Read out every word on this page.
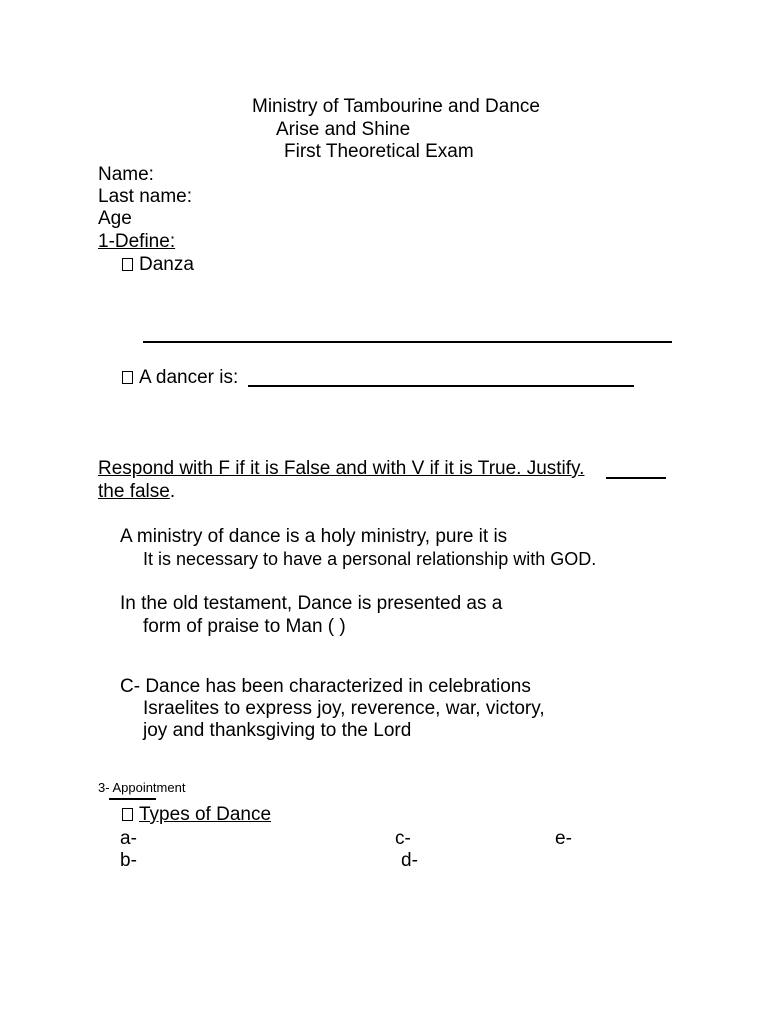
Ministry of Tambourine and Dance
Arise and Shine
First Theoretical Exam
Name:
Last name:
Age
1-Define:
Danza
A dancer is:
Respond with F if it is False and with V if it is True. Justify.
the false.
A ministry of dance is a holy ministry, pure it is
It is necessary to have a personal relationship with GOD.
In the old testament, Dance is presented as a
form of praise to Man ( )
C- Dance has been characterized in celebrations
Israelites to express joy, reverence, war, victory,
joy and thanksgiving to the Lord
3- Appointment
Types of Dance
a-	c-	e-
b-	d-
